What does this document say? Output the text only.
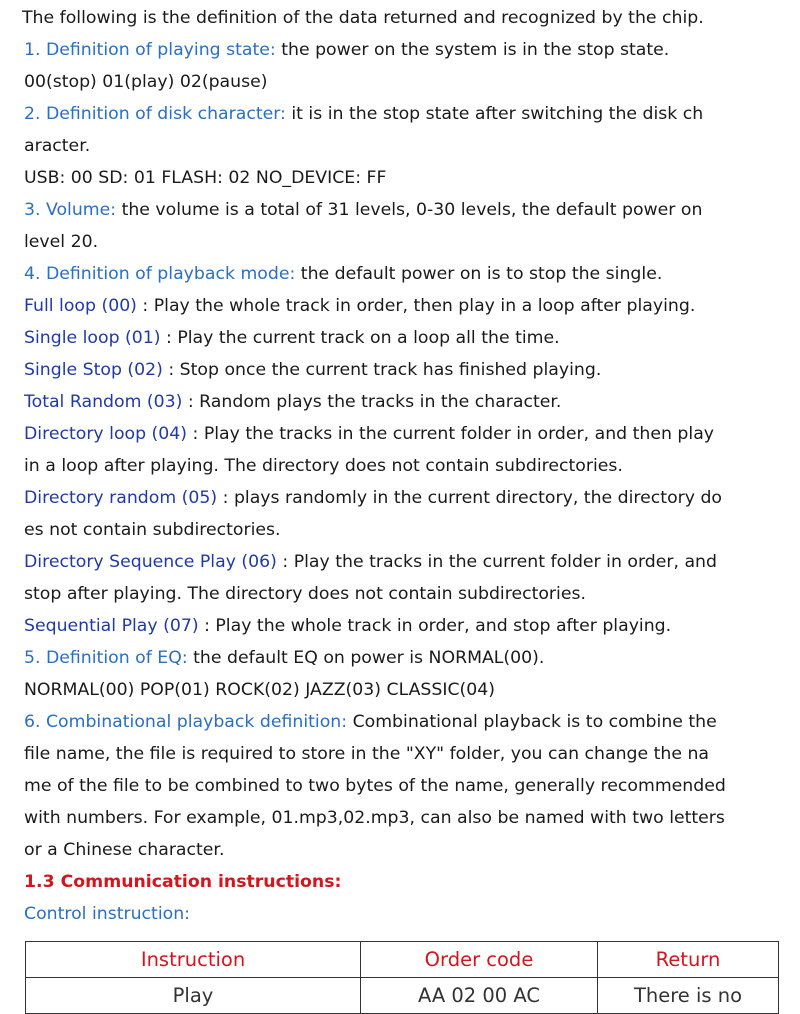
The following is the definition of the data returned and recognized by the chip.
1. Definition of playing state: the power on the system is in the stop state.
00(stop) 01(play) 02(pause)
2. Definition of disk character: it is in the stop state after switching the disk ch
aracter.
USB: 00 SD: 01 FLASH: 02 NO_DEVICE: FF
3. Volume: the volume is a total of 31 levels, 0-30 levels, the default power on
level 20.
4. Definition of playback mode: the default power on is to stop the single.
Full loop (00) : Play the whole track in order, then play in a loop after playing.
Single loop (01) : Play the current track on a loop all the time.
Single Stop (02) : Stop once the current track has finished playing.
Total Random (03) : Random plays the tracks in the character.
Directory loop (04) : Play the tracks in the current folder in order, and then play
in a loop after playing. The directory does not contain subdirectories.
Directory random (05) : plays randomly in the current directory, the directory do
es not contain subdirectories.
Directory Sequence Play (06) : Play the tracks in the current folder in order, and
stop after playing. The directory does not contain subdirectories.
Sequential Play (07) : Play the whole track in order, and stop after playing.
5. Definition of EQ: the default EQ on power is NORMAL(00).
NORMAL(00) POP(01) ROCK(02) JAZZ(03) CLASSIC(04)
6. Combinational playback definition: Combinational playback is to combine the
file name, the file is required to store in the "XY" folder, you can change the na
me of the file to be combined to two bytes of the name, generally recommended
with numbers. For example, 01.mp3,02.mp3, can also be named with two letters
or a Chinese character.
1.3 Communication instructions:
Control instruction:
Instruction	Order code	Return
Play	AA 02 00 AC	There is no
